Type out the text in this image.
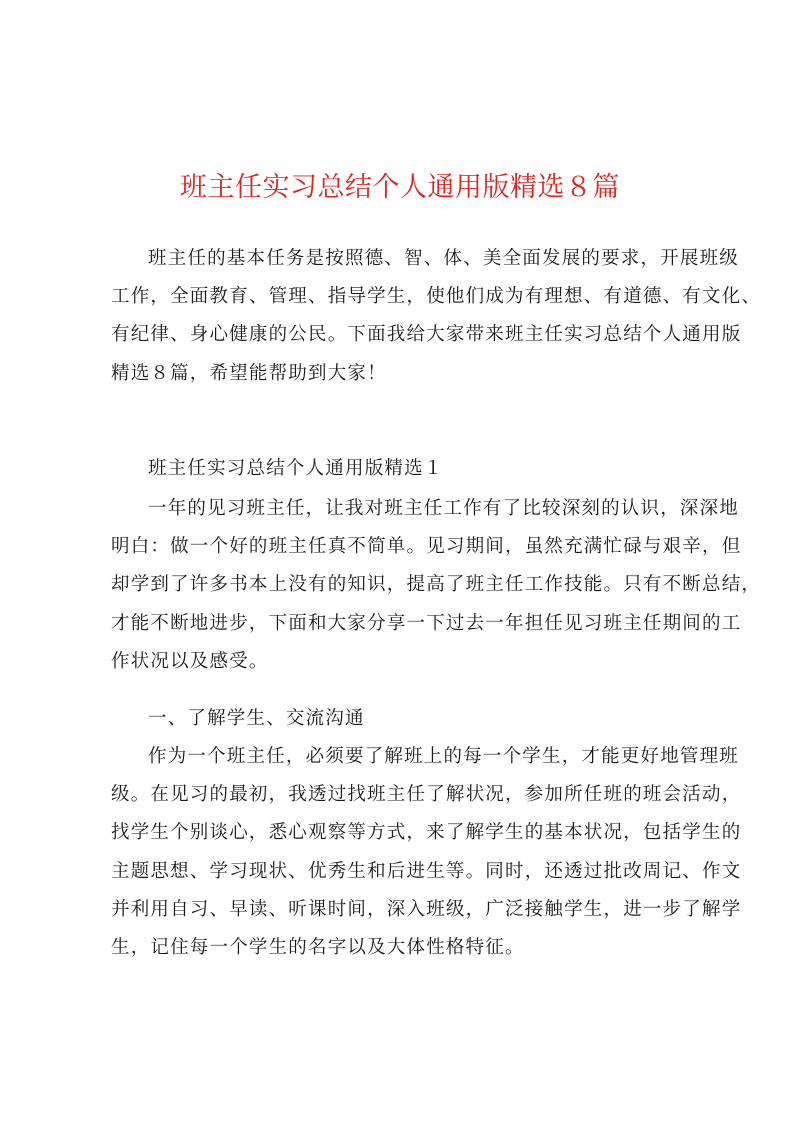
班主任实习总结个人通用版精选８篇
班主任的基本任务是按照德、智、体、美全面发展的要求，开展班级
工作，全面教育、管理、指导学生，使他们成为有理想、有道德、有文化、
有纪律、身心健康的公民。下面我给大家带来班主任实习总结个人通用版
精选８篇，希望能帮助到大家！

班主任实习总结个人通用版精选１

一年的见习班主任，让我对班主任工作有了比较深刻的认识，深深地
明白：做一个好的班主任真不简单。见习期间，虽然充满忙碌与艰辛，但
却学到了许多书本上没有的知识，提高了班主任工作技能。只有不断总结，
才能不断地进步，下面和大家分享一下过去一年担任见习班主任期间的工
作状况以及感受。

一、了解学生、交流沟通

作为一个班主任，必须要了解班上的每一个学生，才能更好地管理班
级。在见习的最初，我透过找班主任了解状况，参加所任班的班会活动，
找学生个别谈心，悉心观察等方式，来了解学生的基本状况，包括学生的
主题思想、学习现状、优秀生和后进生等。同时，还透过批改周记、作文
并利用自习、早读、听课时间，深入班级，广泛接触学生，进一步了解学
生，记住每一个学生的名字以及大体性格特征。
